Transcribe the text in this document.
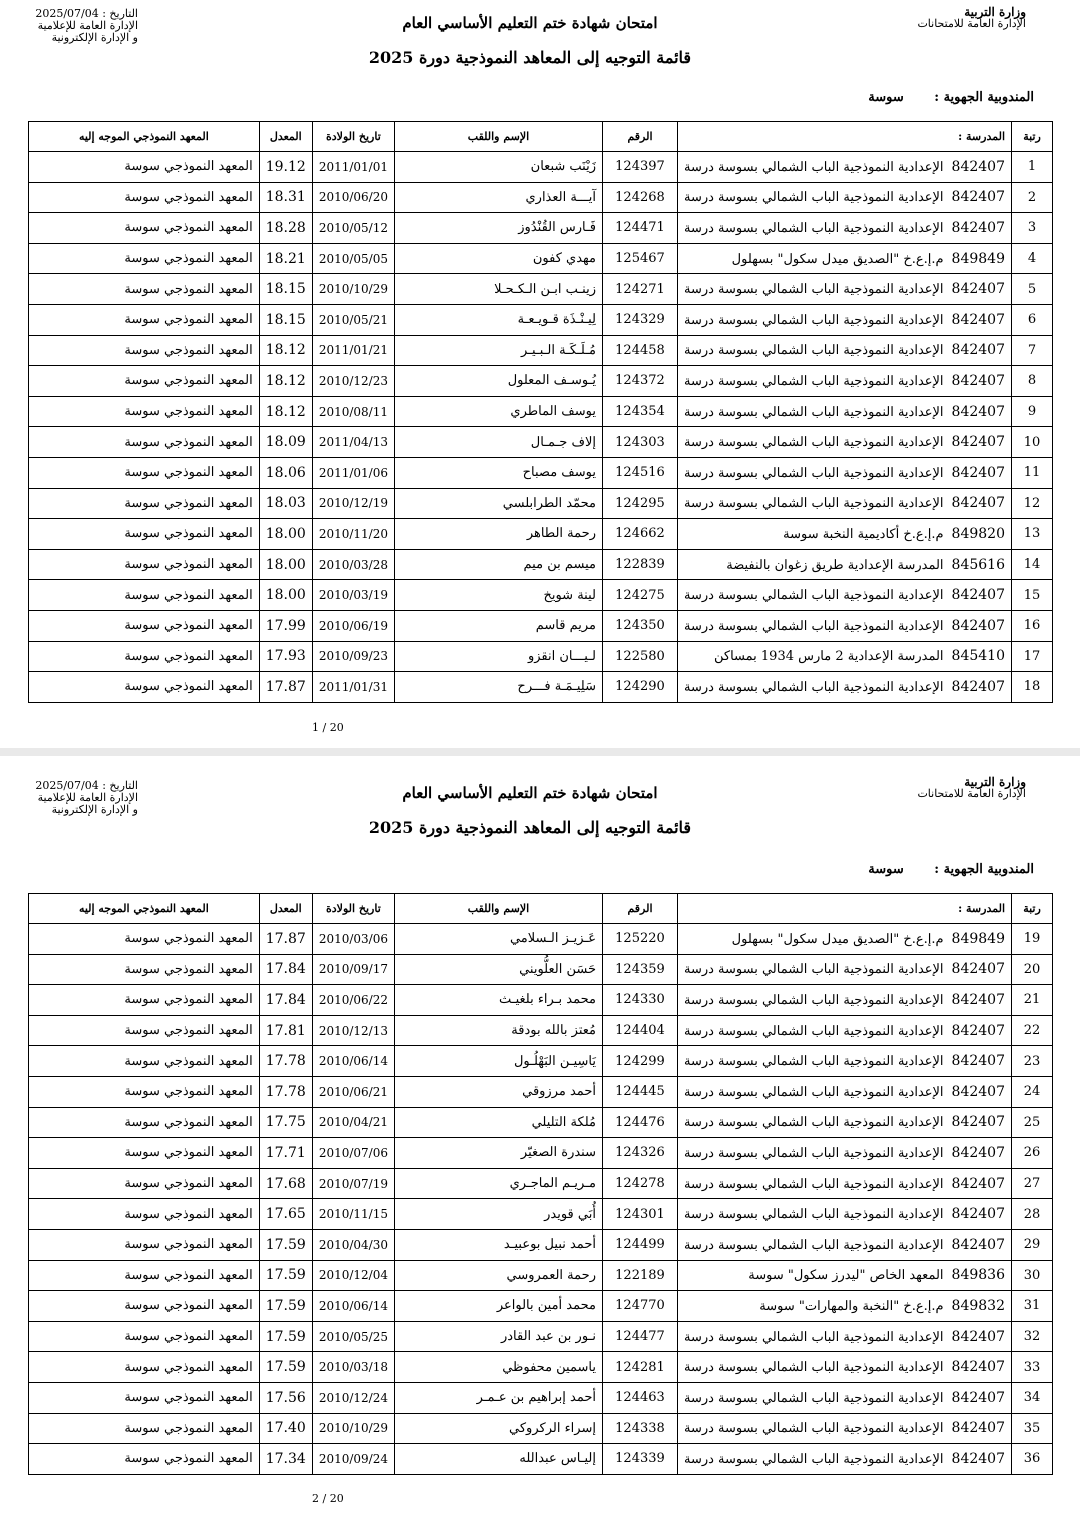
وزارة التربية
الإدارة العامة للامتحانات
امتحان شهادة ختم التعليم الأساسي العام
قائمة التوجيه إلى المعاهد النموذجية دورة 2025
التاريخ : 2025/07/04
الإدارة العامة للإعلامية
و الإدارة الإلكترونية
المندوبية الجهوية : سوسة
رتبة	المدرسة :	الرقم	الإسم واللقب	تاريخ الولادة	المعدل	المعهد النموذجي الموجه إليه
1	842407الإعدادية النموذجية الباب الشمالي بسوسة درسة	124397	زَيْنَب شبعان	2011/01/01	19.12	المعهد النموذجي سوسة
2	842407الإعدادية النموذجية الباب الشمالي بسوسة درسة	124268	آيـــة العذاري	2010/06/20	18.31	المعهد النموذجي سوسة
3	842407الإعدادية النموذجية الباب الشمالي بسوسة درسة	124471	فَـارس القُنْدُوز	2010/05/12	18.28	المعهد النموذجي سوسة
4	849849م.إ.ع.خ "الصديق ميدل سكول" بسهلول	125467	مهدي كفون	2010/05/05	18.21	المعهد النموذجي سوسة
5	842407الإعدادية النموذجية الباب الشمالي بسوسة درسة	124271	زينـب ابـن الـكـحـلا	2010/10/29	18.15	المعهد النموذجي سوسة
6	842407الإعدادية النموذجية الباب الشمالي بسوسة درسة	124329	لِيـنْـذَة قـويـعـة	2010/05/21	18.15	المعهد النموذجي سوسة
7	842407الإعدادية النموذجية الباب الشمالي بسوسة درسة	124458	مُـلَـكَـة الـبـيـر	2011/01/21	18.12	المعهد النموذجي سوسة
8	842407الإعدادية النموذجية الباب الشمالي بسوسة درسة	124372	يُـوسـف المعلول	2010/12/23	18.12	المعهد النموذجي سوسة
9	842407الإعدادية النموذجية الباب الشمالي بسوسة درسة	124354	يوسف الماطري	2010/08/11	18.12	المعهد النموذجي سوسة
10	842407الإعدادية النموذجية الباب الشمالي بسوسة درسة	124303	إلاف جـمـال	2011/04/13	18.09	المعهد النموذجي سوسة
11	842407الإعدادية النموذجية الباب الشمالي بسوسة درسة	124516	يوسف مصباح	2011/01/06	18.06	المعهد النموذجي سوسة
12	842407الإعدادية النموذجية الباب الشمالي بسوسة درسة	124295	محمّد الطرابلسي	2010/12/19	18.03	المعهد النموذجي سوسة
13	849820م.إ.ع.خ أكاديمية النخبة سوسة	124662	رحمة الطاهر	2010/11/20	18.00	المعهد النموذجي سوسة
14	845616المدرسة الإعدادية طريق زغوان بالنفيضة	122839	ميسم بن ميم	2010/03/28	18.00	المعهد النموذجي سوسة
15	842407الإعدادية النموذجية الباب الشمالي بسوسة درسة	124275	لينة شويخ	2010/03/19	18.00	المعهد النموذجي سوسة
16	842407الإعدادية النموذجية الباب الشمالي بسوسة درسة	124350	مريم قاسم	2010/06/19	17.99	المعهد النموذجي سوسة
17	845410المدرسة الإعدادية 2 مارس 1934 بمساكن	122580	لـيـــان انقزو	2010/09/23	17.93	المعهد النموذجي سوسة
18	842407الإعدادية النموذجية الباب الشمالي بسوسة درسة	124290	سَلِيـمَـة فـــرح	2011/01/31	17.87	المعهد النموذجي سوسة
1 / 20
وزارة التربية
الإدارة العامة للامتحانات
امتحان شهادة ختم التعليم الأساسي العام
قائمة التوجيه إلى المعاهد النموذجية دورة 2025
التاريخ : 2025/07/04
الإدارة العامة للإعلامية
و الإدارة الإلكترونية
المندوبية الجهوية : سوسة
رتبة	المدرسة :	الرقم	الإسم واللقب	تاريخ الولادة	المعدل	المعهد النموذجي الموجه إليه
19	849849م.إ.ع.خ "الصديق ميدل سكول" بسهلول	125220	عَـزيـز الـسلامي	2010/03/06	17.87	المعهد النموذجي سوسة
20	842407الإعدادية النموذجية الباب الشمالي بسوسة درسة	124359	حَسَن العلُّويني	2010/09/17	17.84	المعهد النموذجي سوسة
21	842407الإعدادية النموذجية الباب الشمالي بسوسة درسة	124330	محمد بـراء بلغيـث	2010/06/22	17.84	المعهد النموذجي سوسة
22	842407الإعدادية النموذجية الباب الشمالي بسوسة درسة	124404	مُعتز بالله بودقة	2010/12/13	17.81	المعهد النموذجي سوسة
23	842407الإعدادية النموذجية الباب الشمالي بسوسة درسة	124299	يَاسِيـن البَهْلُـول	2010/06/14	17.78	المعهد النموذجي سوسة
24	842407الإعدادية النموذجية الباب الشمالي بسوسة درسة	124445	أحمد مرزوقي	2010/06/21	17.78	المعهد النموذجي سوسة
25	842407الإعدادية النموذجية الباب الشمالي بسوسة درسة	124476	مُلكة التليلي	2010/04/21	17.75	المعهد النموذجي سوسة
26	842407الإعدادية النموذجية الباب الشمالي بسوسة درسة	124326	سندرة الصغيّر	2010/07/06	17.71	المعهد النموذجي سوسة
27	842407الإعدادية النموذجية الباب الشمالي بسوسة درسة	124278	مـريـم الماجـري	2010/07/19	17.68	المعهد النموذجي سوسة
28	842407الإعدادية النموذجية الباب الشمالي بسوسة درسة	124301	أُبَي قويدر	2010/11/15	17.65	المعهد النموذجي سوسة
29	842407الإعدادية النموذجية الباب الشمالي بسوسة درسة	124499	أحمد نبيل بوعبيـد	2010/04/30	17.59	المعهد النموذجي سوسة
30	849836المعهد الخاص "ليدرز سكول" سوسة	122189	رحمة العمروسي	2010/12/04	17.59	المعهد النموذجي سوسة
31	849832م.إ.ع.خ "النخبة والمهارات" سوسة	124770	محمد أمين بالواعر	2010/06/14	17.59	المعهد النموذجي سوسة
32	842407الإعدادية النموذجية الباب الشمالي بسوسة درسة	124477	نـور بن عبد القادر	2010/05/25	17.59	المعهد النموذجي سوسة
33	842407الإعدادية النموذجية الباب الشمالي بسوسة درسة	124281	ياسمين محفوظي	2010/03/18	17.59	المعهد النموذجي سوسة
34	842407الإعدادية النموذجية الباب الشمالي بسوسة درسة	124463	أحمد إبراهيم بن عـمـر	2010/12/24	17.56	المعهد النموذجي سوسة
35	842407الإعدادية النموذجية الباب الشمالي بسوسة درسة	124338	إسراء الركروكي	2010/10/29	17.40	المعهد النموذجي سوسة
36	842407الإعدادية النموذجية الباب الشمالي بسوسة درسة	124339	إليـاس عبدالله	2010/09/24	17.34	المعهد النموذجي سوسة
2 / 20
